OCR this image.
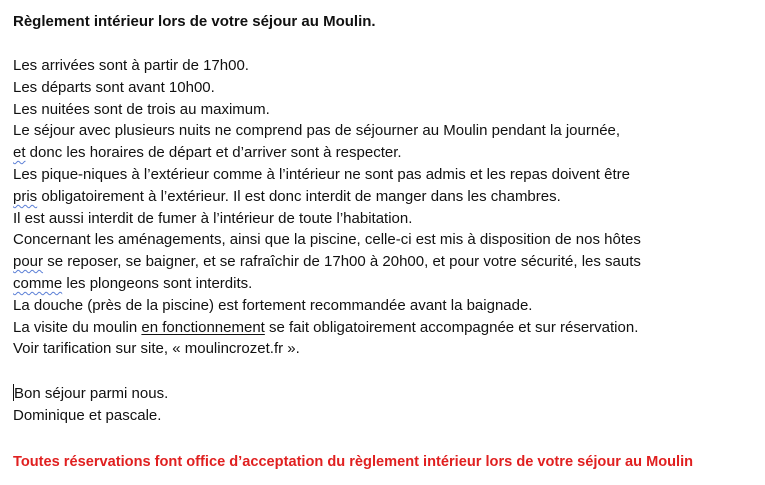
Règlement intérieur lors de votre séjour au Moulin.
Les arrivées sont à partir de 17h00.
Les départs sont avant 10h00.
Les nuitées sont de trois au maximum.
Le séjour avec plusieurs nuits ne comprend pas de séjourner au Moulin pendant la journée,
et donc les horaires de départ et d’arriver sont à respecter.
Les pique-niques à l’extérieur comme à l’intérieur ne sont pas admis et les repas doivent être
pris obligatoirement à l’extérieur. Il est donc interdit de manger dans les chambres.
Il est aussi interdit de fumer à l’intérieur de toute l’habitation.
Concernant les aménagements, ainsi que la piscine, celle-ci est mis à disposition de nos hôtes
pour se reposer, se baigner, et se rafraîchir de 17h00 à 20h00, et pour votre sécurité, les sauts
comme les plongeons sont interdits.
La douche (près de la piscine) est fortement recommandée avant la baignade.
La visite du moulin en fonctionnement se fait obligatoirement accompagnée et sur réservation.
Voir tarification sur site, « moulincrozet.fr ».
Bon séjour parmi nous.
Dominique et pascale.
Toutes réservations font office d’acceptation du règlement intérieur lors de votre séjour au Moulin
